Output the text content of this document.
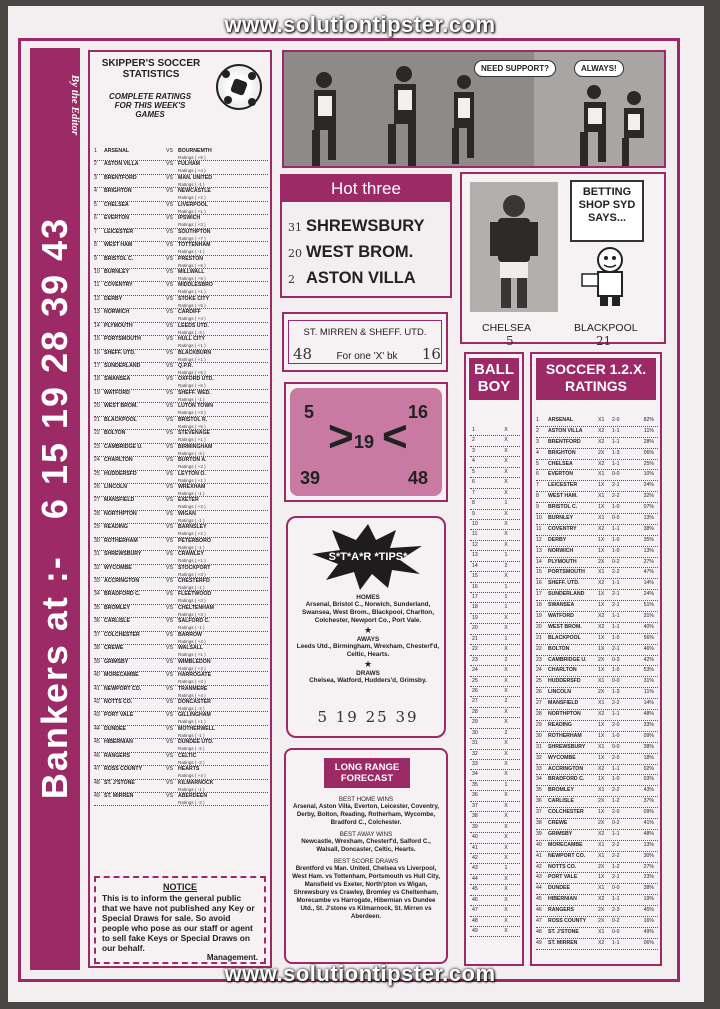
www.solutiontipster.com
Bankers at :-   6 15 19 28 39 43
By the Editor
SKIPPER'S SOCCER STATISTICS
COMPLETE RATINGS FOR THIS WEEK'S GAMES
1	ARSENAL	VS BOURNEMTH
Ratings ( +6 )
2	ASTON VILLA	VS FULHAM
Ratings ( +4 )
3	BRENTFORD	VS MAN. UNITED
Ratings ( -1 )
4	BRIGHTON	VS NEWCASTLE
Ratings ( +2 )
5	CHELSEA	VS LIVERPOOL
Ratings ( +1 )
6	EVERTON	VS IPSWICH
Ratings ( +3 )
7	LEICESTER	VS SOUTHPTON
Ratings ( +7 )
8	WEST HAM	VS TOTTENHAM
Ratings ( -1 )
9	BRISTOL C.	VS PRESTON
Ratings ( +6 )
10 BURNLEY	VS MILLWALL
Ratings ( +8 )
11 COVENTRY	VS MIDDLESBRO
Ratings ( +1 )
12 DERBY	VS STOKE CITY
Ratings ( +5 )
13 NORWICH	VS CARDIFF
Ratings ( +4 )
14 PLYMOUTH	VS LEEDS UTD.
Ratings ( -3 )
15 PORTSMOUTH	VS HULL CITY
Ratings ( +1 )
16 SHEFF. UTD.	VS BLACKBURN
Ratings ( +1 )
17 SUNDERLAND	VS Q.P.R.
Ratings ( +5 )
18 SWANSEA	VS OXFORD UTD.
Ratings ( +5 )
19 WATFORD	VS SHEFF. WED.
Ratings ( -1 )
20 WEST BROM.	VS LUTON TOWN
Ratings ( +3 )
21 BLACKPOOL	VS BRISTOL R.
Ratings ( +5 )
22 BOLTON	VS STEVENAGE
Ratings ( +1 )
23 CAMBRIDGE U.	VS BIRMINGHAM
Ratings ( -3 )
24 CHARLTON	VS BURTON A.
Ratings ( +3 )
25 HUDDERSFD	VS LEYTON O.
Ratings ( +1 )
26 LINCOLN	VS WREXHAM
Ratings ( -1 )
27 MANSFIELD	VS EXETER
Ratings ( +3 )
28 NORTHPTON	VS WIGAN
Ratings ( -1 )
29 READING	VS BARNSLEY
Ratings ( +2 )
30 ROTHERHAM	VS PETERBORO
Ratings ( -1 )
31 SHREWSBURY	VS CRAWLEY
Ratings ( +1 )
32 WYCOMBE	VS STOCKPORT
Ratings ( +3 )
33 ACCRINGTON	VS CHESTERFD
Ratings ( -1 )
34 BRADFORD C.	VS FLEETWOOD
Ratings ( +3 )
35 BROMLEY	VS CHELTENHAM
Ratings ( +3 )
36 CARLISLE	VS SALFORD C.
Ratings ( -1 )
37 COLCHESTER	VS BARROW
Ratings ( +4 )
38 CREWE	VS WALSALL
Ratings ( +1 )
39 GRIMSBY	VS WIMBLEDON
Ratings ( +3 )
40 MORECAMBE	VS HARROGATE
Ratings ( +3 )
41 NEWPORT CO.	VS TRANMERE
Ratings ( +4 )
42 NOTTS CO.	VS DONCASTER
Ratings ( -2 )
43 PORT VALE	VS GILLINGHAM
Ratings ( +1 )
44 DUNDEE	VS MOTHERWELL
Ratings ( -1 )
45 HIBERNIAN	VS DUNDEE UTD.
Ratings ( -2 )
46 RANGERS	VS CELTIC
Ratings ( -3 )
47 ROSS COUNTY	VS HEARTS
Ratings ( +4 )
48 ST. J'STONE	VS KILMARNOCK
Ratings ( -1 )
49 ST. MIRREN	VS ABERDEEN
Ratings ( -3 )
NOTICE
This is to inform the general public that we have not published any Key or Special Draws for sale. So avoid people who pose as our staff or agent to sell fake Keys or Special Draws on our behalf.
Management.
NEED SUPPORT?	ALWAYS!
Hot three
31 SHREWSBURY
20 WEST BROM.
2 ASTON VILLA
BETTING SHOP SYD SAYS...
CHELSEA	BLACKPOOL
5	21
ST. MIRREN & SHEFF. UTD.
48 For one 'X' bk 16
5	16
> 19 <
39	48
S*T*A*R *TIPS*
HOMES
Arsenal, Bristol C., Norwich, Sunderland, Swansea, West Brom., Blackpool, Charlton, Colchester, Newport Co., Port Vale.
★
AWAYS
Leeds Utd., Birmingham, Wrexham, Chesterf'd, Celtic, Hearts.
★
DRAWS
Chelsea, Watford, Hudders'd, Grimsby.
5 19 25 39
LONG RANGE FORECAST
BEST HOME WINS
Arsenal, Aston Villa, Everton, Leicester, Coventry, Derby, Bolton, Reading, Rotherham, Wycombe, Bradford C., Colchester.
BEST AWAY WINS
Newcastle, Wrexham, Chesterf'd, Salford C., Walsall, Doncaster, Celtic, Hearts.
BEST SCORE DRAWS
Brentford vs Man. United, Chelsea vs Liverpool, West Ham. vs Tottenham, Portsmouth vs Hull City, Mansfield vs Exeter, North'pton vs Wigan, Shrewsbury vs Crawley, Bromley vs Cheltenham, Morecambe vs Harrogate, Hibernian vs Dundee Utd., St. J'stone vs Kilmarnock, St. Mirren vs Aberdeen.
BALL BOY
1	X
2	X
3	X
4	X
5	X
6	X
7	X
8	1
9	X
10	X
11	X
12	X
13	1
14	2
15	X
16	1
17	1
18	1
19	X
20	X
21	1
22	X
23	2
24	X
25	X
26	X
27	2
28	X
29	X
30	2
31	X
32	X
33	X
34	X
35	1
36	X
37	X
38	X
39	X
40	X
41	X
42	X
43	1
44	X
45	X
46	X
47	X
48	X
49	X
SOCCER 1.2.X. RATINGS
1	ARSENAL	X1	2-0	82%
2	ASTON VILLA	X2	1-1	11%
3	BRENTFORD	X2	1-1	28%
4	BRIGHTON	2X	1-3	06%
5	CHELSEA	X2	1-1	25%
6	EVERTON	X1	0-0	10%
7	LEICESTER	1X	2-1	24%
8	WEST HAM.	X1	2-2	32%
9	BRISTOL C.	1X	1-0	07%
10	BURNLEY	X1	0-0	13%
11	COVENTRY	X2	1-1	38%
12	DERBY	1X	1-0	35%
13	NORWICH	1X	1-0	13%
14	PLYMOUTH	2X	0-2	27%
15	PORTSMOUTH	X1	2-2	47%
16	SHEFF. UTD.	X2	1-1	14%
17	SUNDERLAND	1X	2-1	24%
18	SWANSEA	1X	2-1	51%
19	WATFORD	X2	1-1	31%
20	WEST BROM.	X2	1-1	40%
21	BLACKPOOL	1X	1-0	56%
22	BOLTON	1X	2-1	46%
23	CAMBRIDGE U.	2X	0-3	42%
24	CHARLTON	1X	1-0	53%
25	HUDDERSFD	X1	0-0	31%
26	LINCOLN	2X	1-3	11%
27	MANSFIELD	X1	2-2	14%
28	NORTHPTON	X2	1-1	48%
29	READING	1X	2-0	33%
30	ROTHERHAM	1X	1-0	09%
31	SHREWSBURY	X1	0-0	38%
32	WYCOMBE	1X	2-0	18%
33	ACCRINGTON	X2	1-1	02%
34	BRADFORD C.	1X	1-0	03%
35	BROMLEY	X1	2-2	43%
36	CARLISLE	2X	1-2	37%
37	COLCHESTER	1X	2-0	09%
38	CREWE	2X	0-2	41%
39	GRIMSBY	X2	1-1	48%
40	MORECAMBE	X1	2-2	13%
41	NEWPORT CO.	X1	2-2	30%
42	NOTTS CO.	2X	1-2	27%
43	PORT VALE	1X	2-1	23%
44	DUNDEE	X1	0-0	38%
45	HIBERNIAN	X2	1-1	19%
46	RANGERS	2X	2-3	45%
47	ROSS COUNTY	2X	0-2	16%
48	ST. J'STONE	X1	0-0	49%
49	ST. MIRREN	X2	1-1	06%
www.solutiontipster.com
